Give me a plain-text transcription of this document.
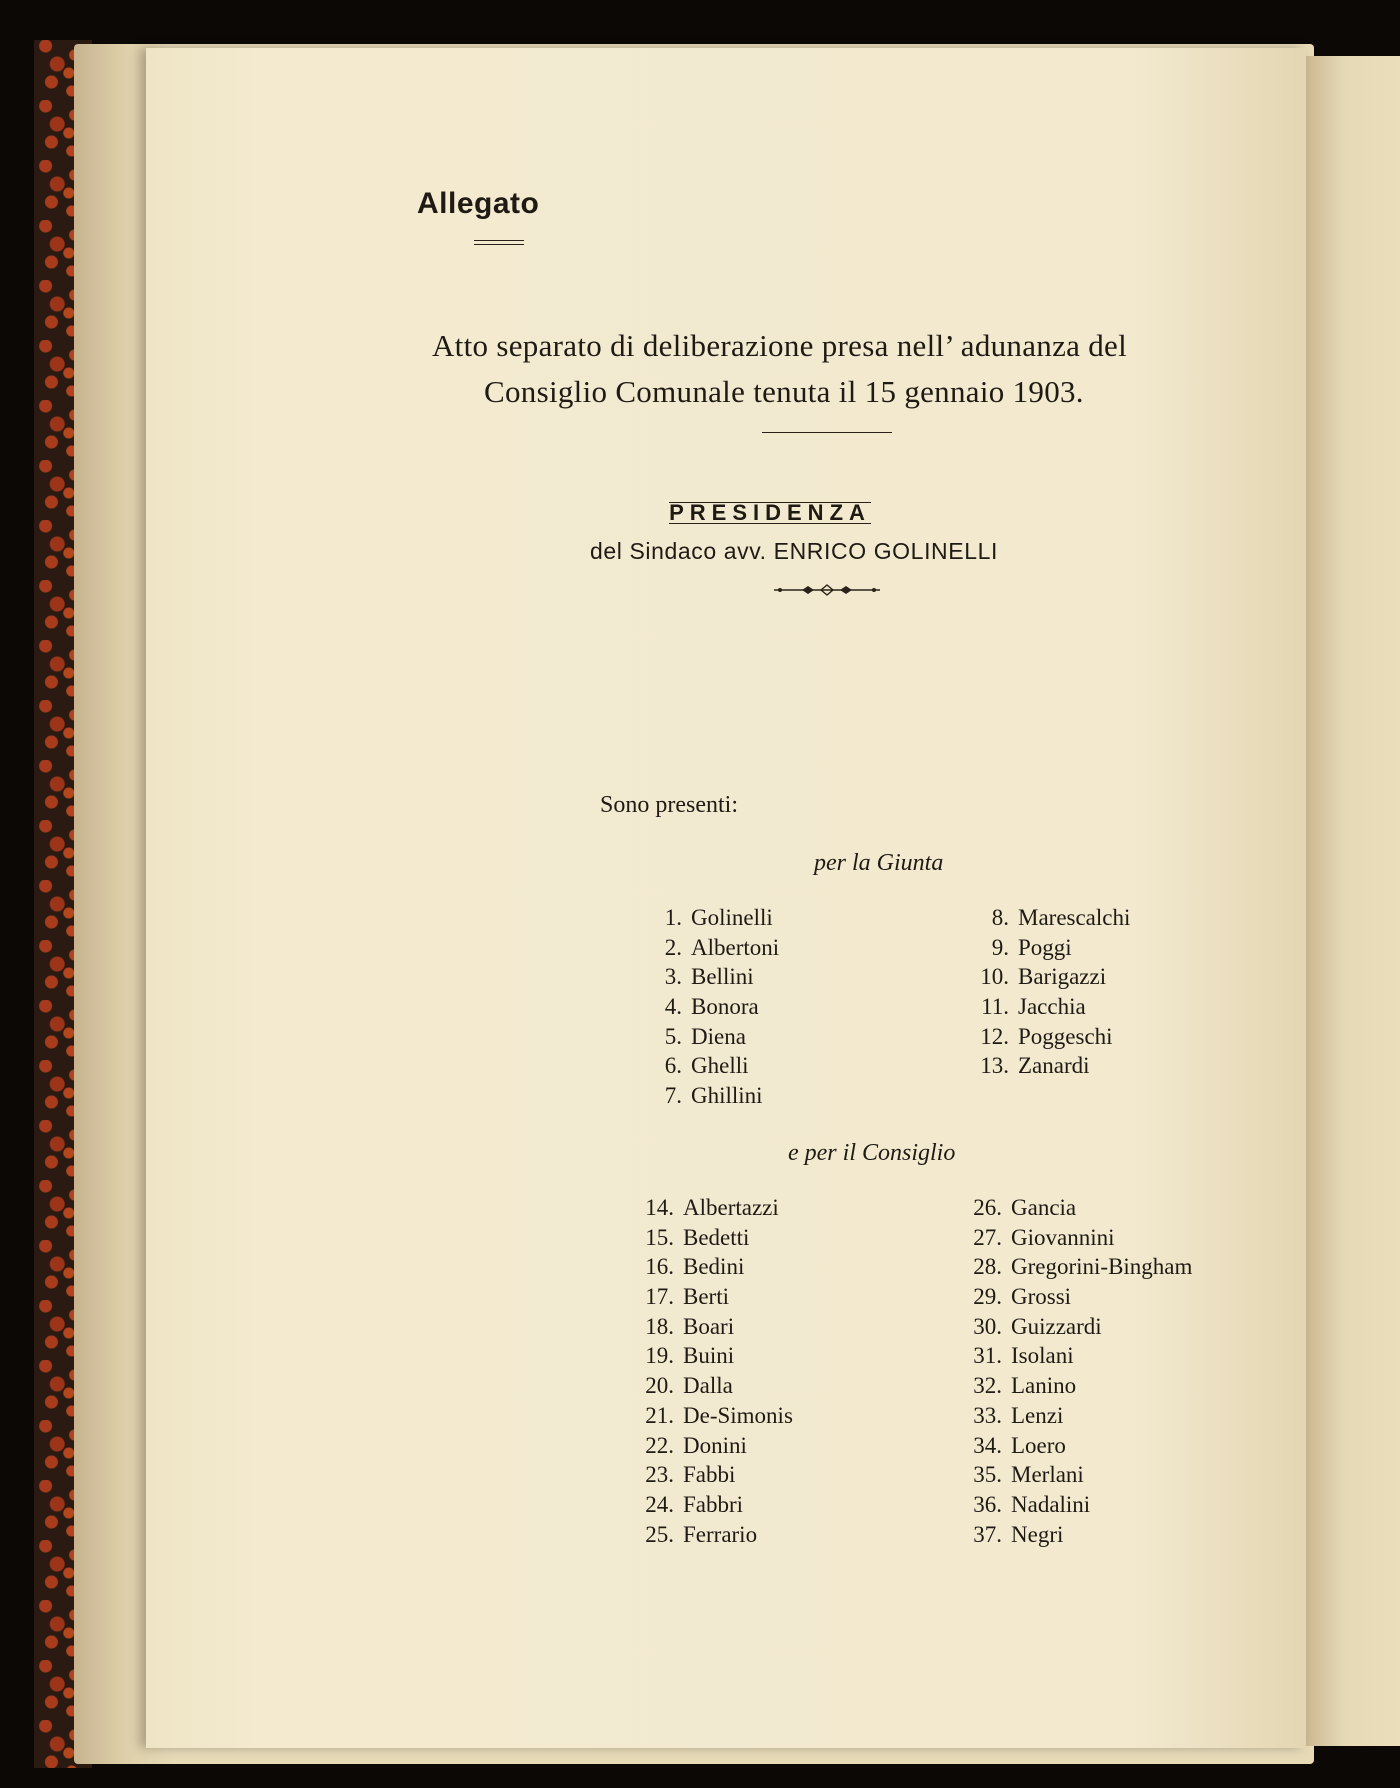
Allegato
Atto separato di deliberazione presa nell’ adunanza del
Consiglio Comunale tenuta il 15 gennaio 1903.
PRESIDENZA
del Sindaco avv. ENRICO GOLINELLI
Sono presenti:
per la Giunta
1. Golinelli
2. Albertoni
3. Bellini
4. Bonora
5. Diena
6. Ghelli
7. Ghillini
8. Marescalchi
9. Poggi
10. Barigazzi
11. Jacchia
12. Poggeschi
13. Zanardi
e per il Consiglio
14. Albertazzi
15. Bedetti
16. Bedini
17. Berti
18. Boari
19. Buini
20. Dalla
21. De-Simonis
22. Donini
23. Fabbi
24. Fabbri
25. Ferrario
26. Gancia
27. Giovannini
28. Gregorini-Bingham
29. Grossi
30. Guizzardi
31. Isolani
32. Lanino
33. Lenzi
34. Loero
35. Merlani
36. Nadalini
37. Negri
